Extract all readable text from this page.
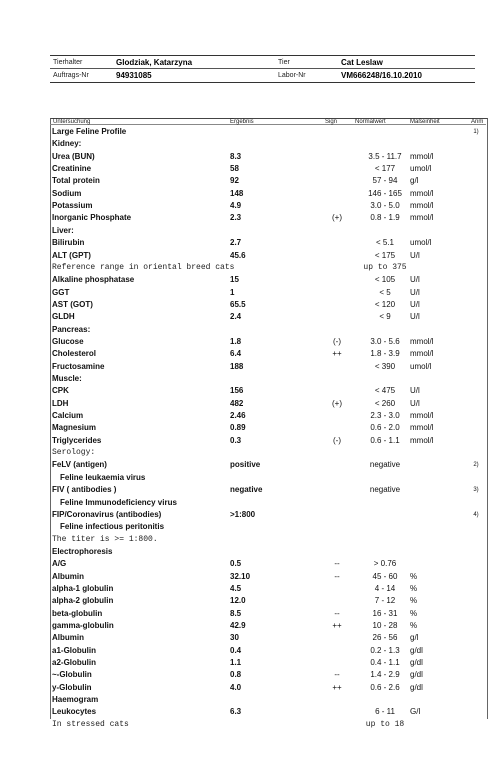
Tierhalter	Glodziak, Katarzyna	Tier	Cat Leslaw
Auftrags-Nr	94931085	Labor-Nr	VM666248/16.10.2010
Untersuchung	Ergebnis	Sign	Normalwert	Maßeinheit	Anm
Large Feline Profile	1)
Kidney:
Urea (BUN)	8.3	3.5 - 11.7	mmol/l
Creatinine	58	< 177	umol/l
Total protein	92	57 - 94	g/l
Sodium	148	146 - 165	mmol/l
Potassium	4.9	3.0 - 5.0	mmol/l
Inorganic Phosphate	2.3	(+)	0.8 - 1.9	mmol/l
Liver:
Bilirubin	2.7	< 5.1	umol/l
ALT (GPT)	45.6	< 175	U/l
Reference range in oriental breed cats	up to 375
Alkaline phosphatase	15	< 105	U/l
GGT	1	< 5	U/l
AST (GOT)	65.5	< 120	U/l
GLDH	2.4	< 9	U/l
Pancreas:
Glucose	1.8	(-)	3.0 - 5.6	mmol/l
Cholesterol	6.4	++	1.8 - 3.9	mmol/l
Fructosamine	188	< 390	umol/l
Muscle:
CPK	156	< 475	U/l
LDH	482	(+)	< 260	U/l
Calcium	2.46	2.3 - 3.0	mmol/l
Magnesium	0.89	0.6 - 2.0	mmol/l
Triglycerides	0.3	(-)	0.6 - 1.1	mmol/l
Serology:
FeLV (antigen)	positive	negative	2)
Feline leukaemia virus
FIV ( antibodies )	negative	negative	3)
Feline Immunodeficiency virus
FIP/Coronavirus (antibodies)	>1:800	4)
Feline infectious peritonitis
The titer is >= 1:800.
Electrophoresis
A/G	0.5	--	> 0.76
Albumin	32.10	--	45 - 60	%
alpha-1 globulin	4.5	4 - 14	%
alpha-2 globulin	12.0	7 - 12	%
beta-globulin	8.5	--	16 - 31	%
gamma-globulin	42.9	++	10 - 28	%
Albumin	30	26 - 56	g/l
a1-Globulin	0.4	0.2 - 1.3	g/dl
a2-Globulin	1.1	0.4 - 1.1	g/dl
~-Globulin	0.8	--	1.4 - 2.9	g/dl
y-Globulin	4.0	++	0.6 - 2.6	g/dl
Haemogram
Leukocytes	6.3	6 - 11	G/l
In stressed cats	up to 18
